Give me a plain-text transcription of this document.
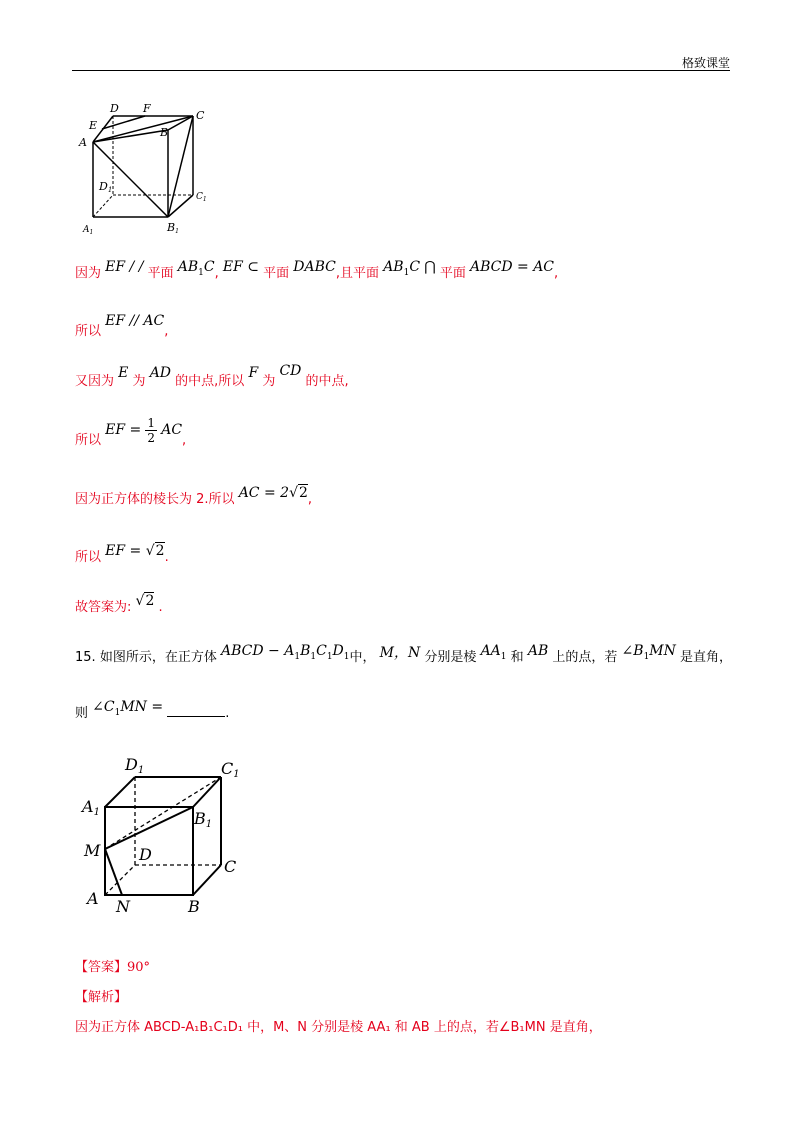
格致课堂
D F
C
E
B
A
D1
C1
A1	B1
因为 EF / / 平面 $AB_1C$, EF ⊂ 平面 DABC,且平面 $AB_1C$ ⋂ 平面 ABCD = AC,
所以 EF // AC,
又因为 E 为 AD 的中点,所以 F 为 CD 的中点,
所以 EF = $\frac{1}{2}$ AC,
因为正方体的棱长为 2.所以 AC = 2√2,
所以 EF = √2.
故答案为: √2 .
15. 如图所示，在正方体 ABCD − $A_1B_1C_1D_1$中， M，N 分别是棱 $AA_1$ 和 AB 上的点，若 $\angle B_1MN$ 是直角，
则 $\angle C_1MN$ =	.
D1	C1
A1	B1
M D
C
A N	B
【答案】90°
【解析】
因为正方体 ABCD-A₁B₁C₁D₁ 中，M、N 分别是棱 AA₁ 和 AB 上的点，若∠B₁MN 是直角，
